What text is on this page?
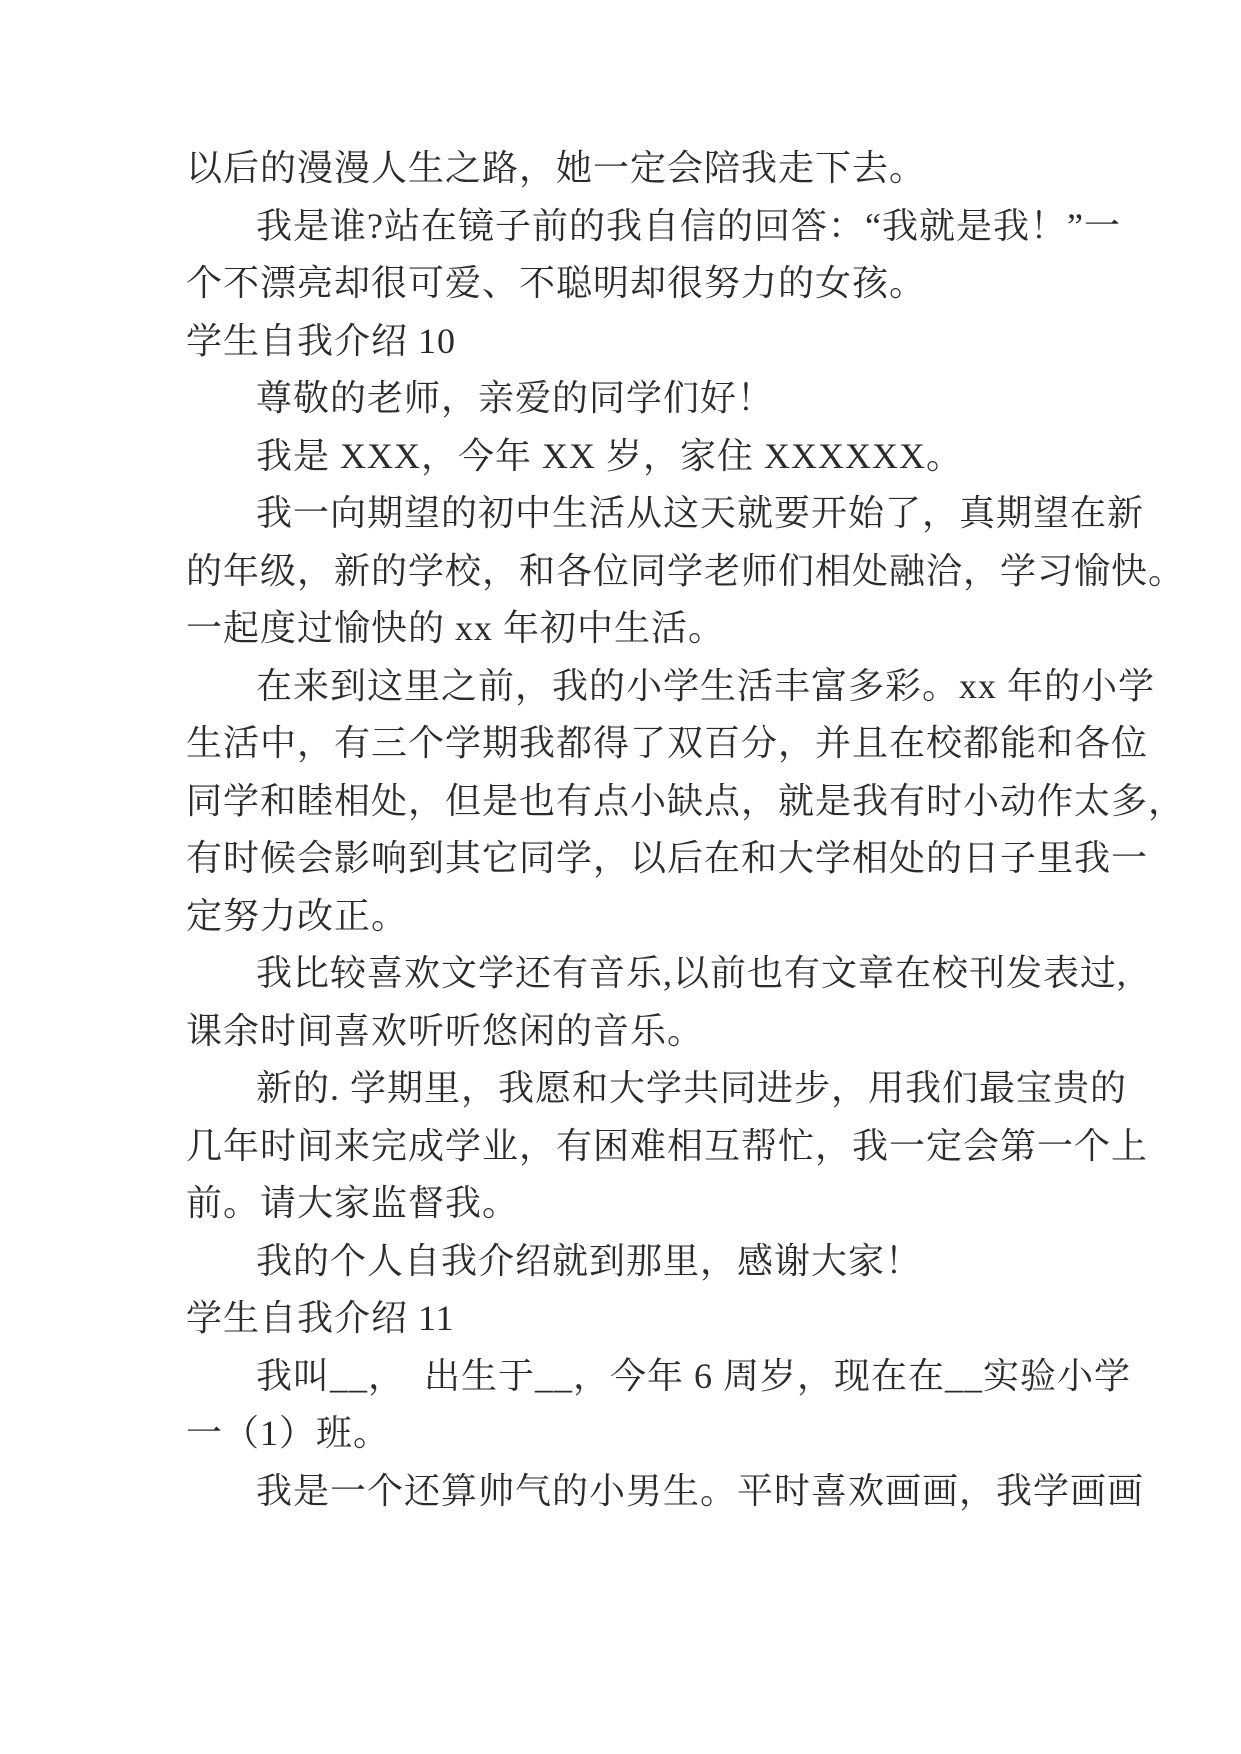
以后的漫漫人生之路，她一定会陪我走下去。
我是谁?站在镜子前的我自信的回答：“我就是我！”一
个不漂亮却很可爱、不聪明却很努力的女孩。
学生自我介绍 10
尊敬的老师，亲爱的同学们好！
我是 XXX，今年 XX 岁，家住 XXXXXX。
我一向期望的初中生活从这天就要开始了，真期望在新
的年级，新的学校，和各位同学老师们相处融洽，学习愉快。
一起度过愉快的 xx 年初中生活。
在来到这里之前，我的小学生活丰富多彩。xx 年的小学
生活中，有三个学期我都得了双百分，并且在校都能和各位
同学和睦相处，但是也有点小缺点，就是我有时小动作太多，
有时候会影响到其它同学，以后在和大学相处的日子里我一
定努力改正。
我比较喜欢文学还有音乐,以前也有文章在校刊发表过,
课余时间喜欢听听悠闲的音乐。
新的. 学期里，我愿和大学共同进步，用我们最宝贵的
几年时间来完成学业，有困难相互帮忙，我一定会第一个上
前。请大家监督我。
我的个人自我介绍就到那里，感谢大家！
学生自我介绍 11
我叫__，　出生于__，今年 6 周岁，现在在__实验小学
一（1）班。
我是一个还算帅气的小男生。平时喜欢画画，我学画画
